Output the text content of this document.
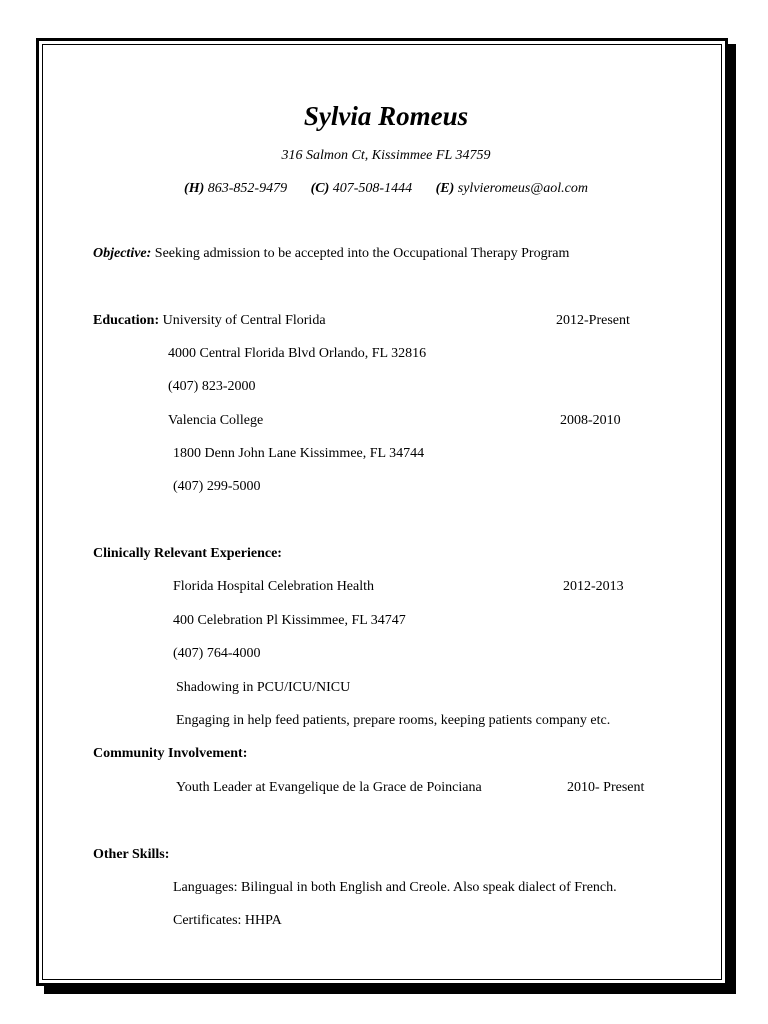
Sylvia Romeus
316 Salmon Ct, Kissimmee FL 34759
(H) 863-852-9479 (C) 407-508-1444 (E) sylvieromeus@aol.com
Objective: Seeking admission to be accepted into the Occupational Therapy Program
Education: University of Central Florida	2012-Present
4000 Central Florida Blvd Orlando, FL 32816
(407) 823-2000
Valencia College	2008-2010
1800 Denn John Lane Kissimmee, FL 34744
(407) 299-5000
Clinically Relevant Experience:
Florida Hospital Celebration Health	2012-2013
400 Celebration Pl Kissimmee, FL 34747
(407) 764-4000
Shadowing in PCU/ICU/NICU
Engaging in help feed patients, prepare rooms, keeping patients company etc.
Community Involvement:
Youth Leader at Evangelique de la Grace de Poinciana	2010- Present
Other Skills:
Languages: Bilingual in both English and Creole. Also speak dialect of French.
Certificates: HHPA
